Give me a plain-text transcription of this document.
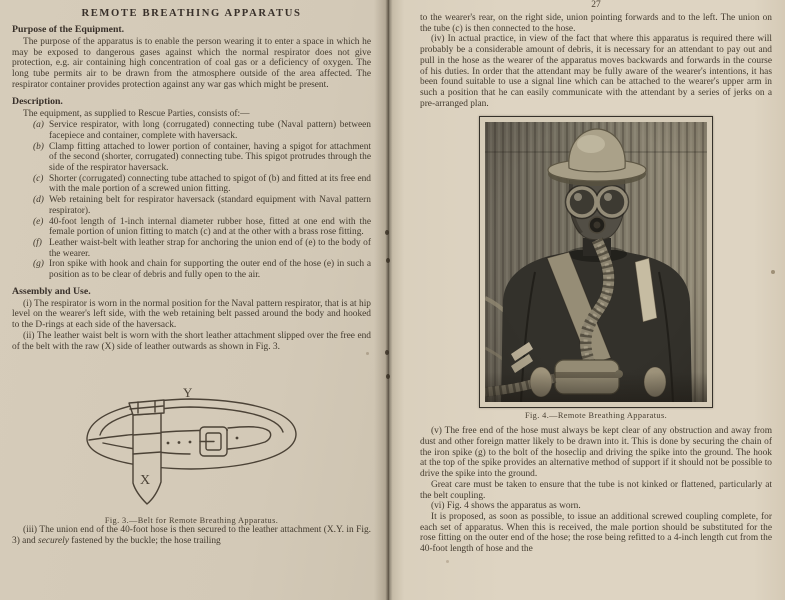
REMOTE BREATHING APPARATUS
Purpose of the Equipment.

The purpose of the apparatus is to enable the person wearing it to enter a space in which he may be exposed to dangerous gases against which the normal respirator does not give protection, e.g. air containing high concentration of coal gas or a deficiency of oxygen. The long tube permits air to be drawn from the atmosphere outside of the area affected. The respirator container provides protection against any war gas which might be present.

Description.

The equipment, as supplied to Rescue Parties, consists of:—

(a) Service respirator, with long (corrugated) connecting tube (Naval pattern) between facepiece and container, complete with haversack.
(b) Clamp fitting attached to lower portion of container, having a spigot for attachment of the second (shorter, corrugated) connecting tube. This spigot protrudes through the side of the respirator haversack.
(c) Shorter (corrugated) connecting tube attached to spigot of (b) and fitted at its free end with the male portion of a screwed union fitting.
(d) Web retaining belt for respirator haversack (standard equipment with Naval pattern respirator).
(e) 40-foot length of 1-inch internal diameter rubber hose, fitted at one end with the female portion of union fitting to match (c) and at the other with a brass rose fitting.
(f) Leather waist-belt with leather strap for anchoring the union end of (e) to the body of the wearer.
(g) Iron spike with hook and chain for supporting the outer end of the hose (e) in such a position as to be clear of debris and fully open to the air.
Assembly and Use.

(i) The respirator is worn in the normal position for the Naval pattern respirator, that is at hip level on the wearer's left side, with the web retaining belt passed around the body and hooked to the D-rings at each side of the haversack.

(ii) The leather waist belt is worn with the short leather attachment slipped over the free end of the belt with the raw (X) side of leather outwards as shown in Fig. 3.

X
Y
Fig. 3.—Belt for Remote Breathing Apparatus.

(iii) The union end of the 40-foot hose is then secured to the leather attachment (X.Y. in Fig. 3) and securely fastened by the buckle; the hose trailing

27

to the wearer's rear, on the right side, union pointing forwards and to the left. The union on the tube (c) is then connected to the hose.

(iv) In actual practice, in view of the fact that where this apparatus is required there will probably be a considerable amount of debris, it is necessary for an attendant to pay out and pull in the hose as the wearer of the apparatus moves backwards and forwards in the course of his duties. In order that the attendant may be fully aware of the wearer's intentions, it has been found suitable to use a signal line which can be attached to the wearer's upper arm in such a position that he can easily communicate with the attendant by a series of jerks on a pre-arranged plan.

Fig. 4.—Remote Breathing Apparatus.

(v) The free end of the hose must always be kept clear of any obstruction and away from dust and other foreign matter likely to be drawn into it. This is done by securing the chain of the iron spike (g) to the bolt of the hoseclip and driving the spike into the ground. The hook at the top of the spike provides an alternative method of support if it should not be possible to drive the spike into the ground.

Great care must be taken to ensure that the tube is not kinked or flattened, particularly at the belt coupling.

(vi) Fig. 4 shows the apparatus as worn.

It is proposed, as soon as possible, to issue an additional screwed coupling complete, for each set of apparatus. When this is received, the male portion should be substituted for the rose fitting on the outer end of the hose; the rose being refitted to a 4-inch length cut from the 40-foot length of hose and the
